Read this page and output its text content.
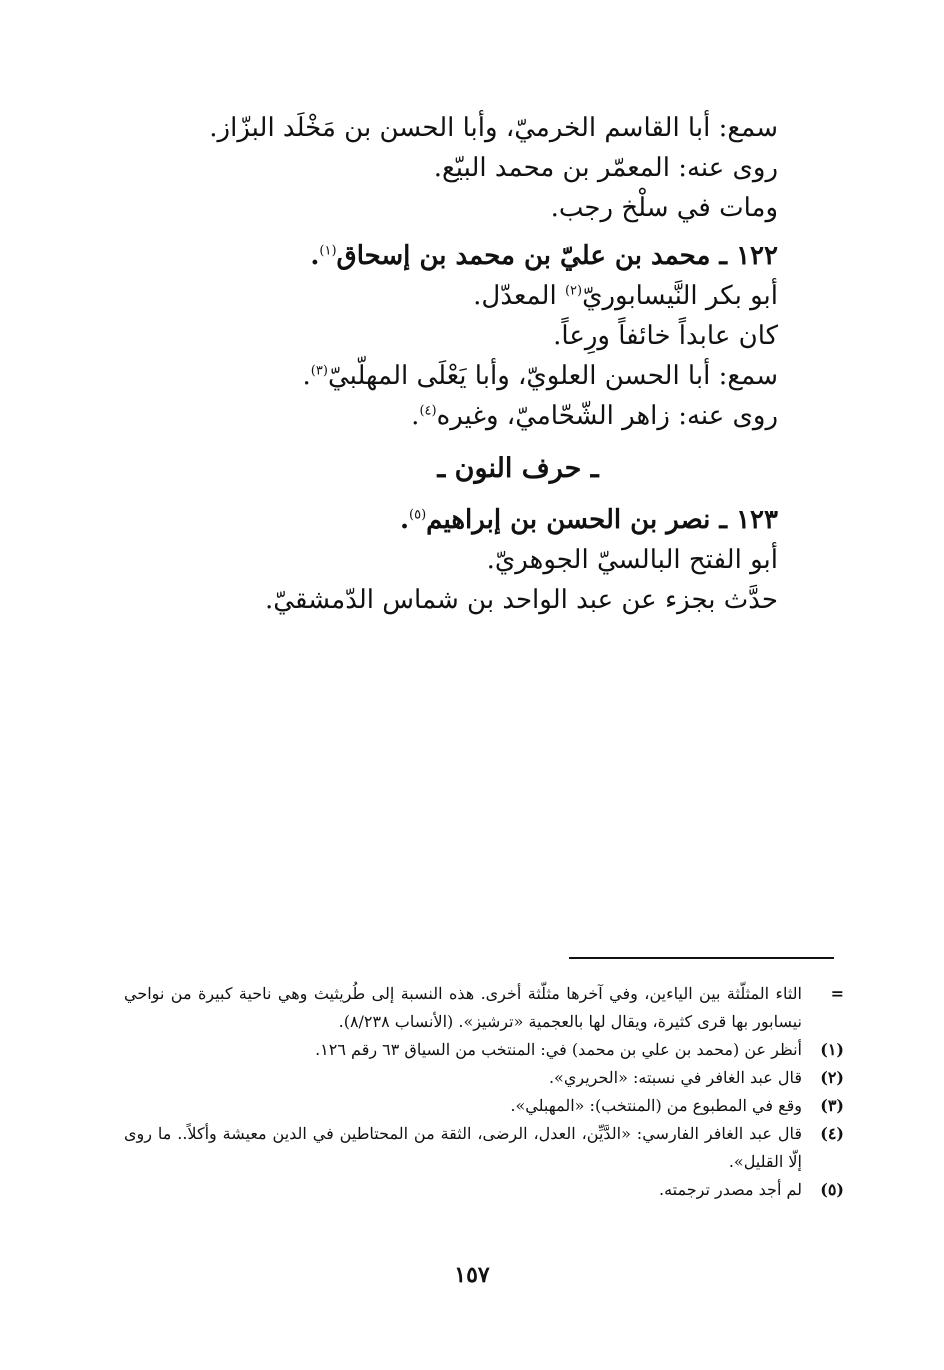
سمع: أبا القاسم الخرميّ، وأبا الحسن بن مَخْلَد البزّاز.
روى عنه: المعمّر بن محمد البيّع.
ومات في سلْخ رجب.
١٢٢ ـ محمد بن عليّ بن محمد بن إسحاق$^{(١)}$.
أبو بكر النَّيسابوريّ$^{(٢)}$ المعدّل.
كان عابداً خائفاً ورِعاً.
سمع: أبا الحسن العلويّ، وأبا يَعْلَى المهلّبيّ$^{(٣)}$.
روى عنه: زاهر الشّحّاميّ، وغيره$^{(٤)}$.
ـ حرف النون ـ
١٢٣ ـ نصر بن الحسن بن إبراهيم$^{(٥)}$.
أبو الفتح البالسيّ الجوهريّ.
حدَّث بجزء عن عبد الواحد بن شماس الدّمشقيّ.
=
الثاء المثلّثة بين الياءين، وفي آخرها مثلّثة أخرى. هذه النسبة إلى طُريثيث وهي ناحية كبيرة من نواحي نيسابور بها قرى كثيرة، ويقال لها بالعجمية «ترشيز». (الأنساب ٨/٢٣٨).
(١)
أنظر عن (محمد بن علي بن محمد) في: المنتخب من السياق ٦٣ رقم ١٢٦.
(٢)
قال عبد الغافر في نسبته: «الحريري».
(٣)
وقع في المطبوع من (المنتخب): «المهبلي».
(٤)
قال عبد الغافر الفارسي: «الدَّيِّن، العدل، الرضى، الثقة من المحتاطين في الدين معيشة وأكلاً.. ما روى إلّا القليل».
(٥)
لم أجد مصدر ترجمته.
١٥٧
